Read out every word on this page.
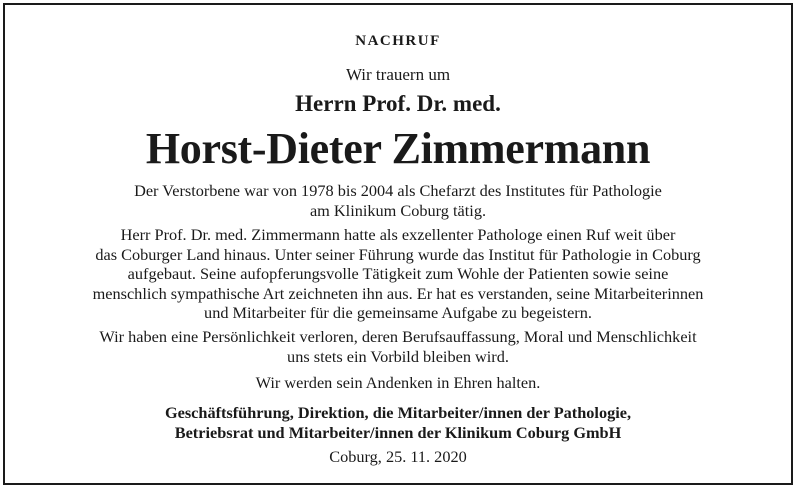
NACHRUF
Wir trauern um
Herrn Prof. Dr. med.
Horst-Dieter Zimmermann
Der Verstorbene war von 1978 bis 2004 als Chefarzt des Institutes für Pathologie
am Klinikum Coburg tätig.
Herr Prof. Dr. med. Zimmermann hatte als exzellenter Pathologe einen Ruf weit über
das Coburger Land hinaus. Unter seiner Führung wurde das Institut für Pathologie in Coburg
aufgebaut. Seine aufopferungsvolle Tätigkeit zum Wohle der Patienten sowie seine
menschlich sympathische Art zeichneten ihn aus. Er hat es verstanden, seine Mitarbeiterinnen
und Mitarbeiter für die gemeinsame Aufgabe zu begeistern.
Wir haben eine Persönlichkeit verloren, deren Berufsauffassung, Moral und Menschlichkeit
uns stets ein Vorbild bleiben wird.
Wir werden sein Andenken in Ehren halten.
Geschäftsführung, Direktion, die Mitarbeiter/innen der Pathologie,
Betriebsrat und Mitarbeiter/innen der Klinikum Coburg GmbH
Coburg, 25. 11. 2020
